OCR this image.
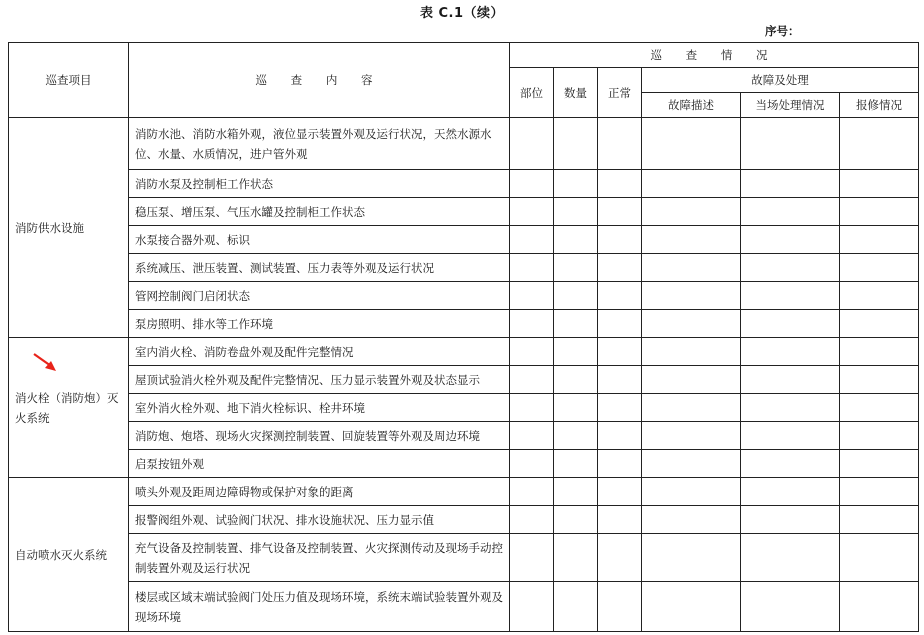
表 C.1（续）
序号：
巡查项目	巡 查 内 容	巡 查 情 况					
		部位	数量	正常	故障及处理		
					故障描述	当场处理情况	报修情况
消防供水设施	消防水池、消防水箱外观，液位显示装置外观及运行状况，天然水源水位、水量、水质情况，进户管外观						
	消防水泵及控制柜工作状态						
	稳压泵、增压泵、气压水罐及控制柜工作状态						
	水泵接合器外观、标识						
	系统减压、泄压装置、测试装置、压力表等外观及运行状况						
	管网控制阀门启闭状态						
	泵房照明、排水等工作环境						
消火栓（消防炮）灭火系统	室内消火栓、消防卷盘外观及配件完整情况						
	屋顶试验消火栓外观及配件完整情况、压力显示装置外观及状态显示						
	室外消火栓外观、地下消火栓标识、栓井环境						
	消防炮、炮塔、现场火灾探测控制装置、回旋装置等外观及周边环境						
	启泵按钮外观						
自动喷水灭火系统	喷头外观及距周边障碍物或保护对象的距离						
	报警阀组外观、试验阀门状况、排水设施状况、压力显示值						
	充气设备及控制装置、排气设备及控制装置、火灾探测传动及现场手动控制装置外观及运行状况						
	楼层或区域末端试验阀门处压力值及现场环境，系统末端试验装置外观及现场环境						
